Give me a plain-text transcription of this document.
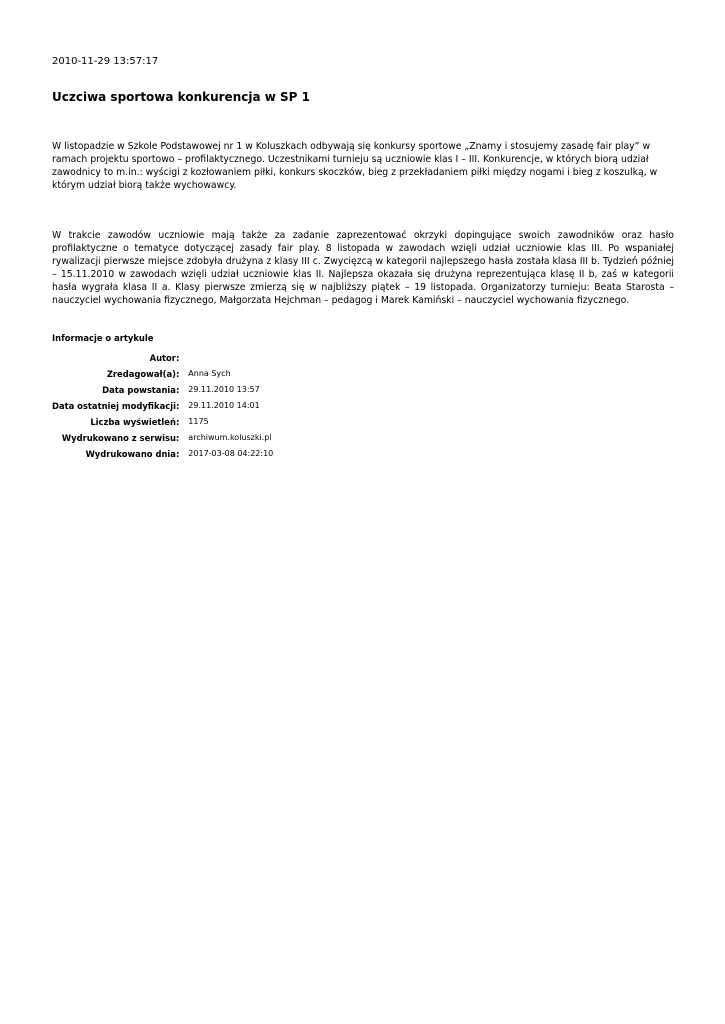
2010-11-29 13:57:17
Uczciwa sportowa konkurencja w SP 1

W listopadzie w Szkole Podstawowej nr 1 w Koluszkach odbywają się konkursy sportowe „Znamy i stosujemy zasadę fair play” w ramach projektu sportowo – profilaktycznego. Uczestnikami turnieju są uczniowie klas I – III. Konkurencje, w których biorą udział zawodnicy to m.in.: wyścigi z kozłowaniem piłki, konkurs skoczków, bieg z przekładaniem piłki między nogami i bieg z koszulką, w którym udział biorą także wychowawcy.

W trakcie zawodów uczniowie mają także za zadanie zaprezentować okrzyki dopingujące swoich zawodników oraz hasło profilaktyczne o tematyce dotyczącej zasady fair play. 8 listopada w zawodach wzięli udział uczniowie klas III. Po wspaniałej rywalizacji pierwsze miejsce zdobyła drużyna z klasy III c. Zwycięzcą w kategorii najlepszego hasła została klasa III b. Tydzień później – 15.11.2010 w zawodach wzięli udział uczniowie klas II. Najlepsza okazała się drużyna reprezentująca klasę II b, zaś w kategorii hasła wygrała klasa II a. Klasy pierwsze zmierzą się w najbliższy piątek – 19 listopada. Organizatorzy turnieju: Beata Starosta – nauczyciel wychowania fizycznego, Małgorzata Hejchman – pedagog i Marek Kamiński – nauczyciel wychowania fizycznego.

Informacje o artykule
Autor:	
Zredagował(a):	Anna Sych
Data powstania:	29.11.2010 13:57
Data ostatniej modyfikacji:	29.11.2010 14:01
Liczba wyświetleń:	1175
Wydrukowano z serwisu:	archiwum.koluszki.pl
Wydrukowano dnia:	2017-03-08 04:22:10
